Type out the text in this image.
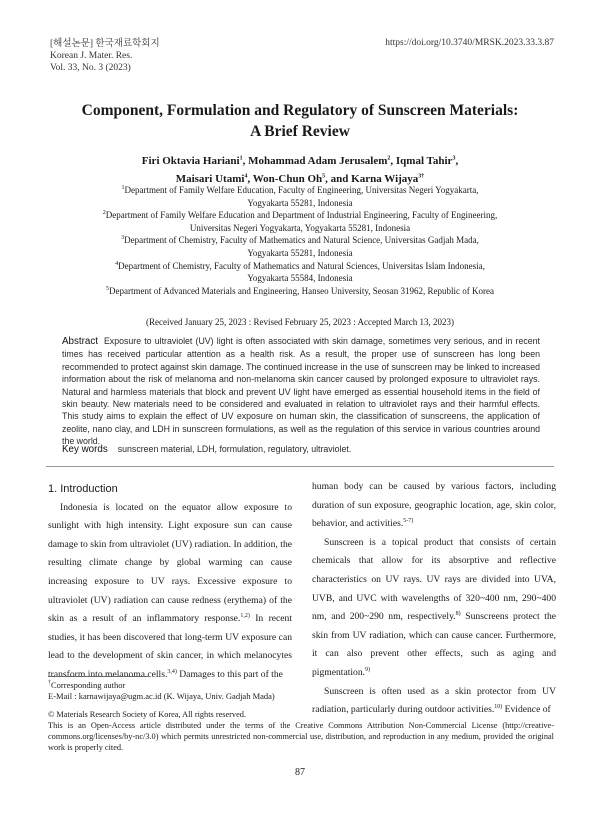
[해설논문] 한국재료학회지
Korean J. Mater. Res.
Vol. 33, No. 3 (2023)
https://doi.org/10.3740/MRSK.2023.33.3.87
Component, Formulation and Regulatory of Sunscreen Materials:
A Brief Review
Firi Oktavia Hariani$^1$, Mohammad Adam Jerusalem$^2$, Iqmal Tahir$^3$,
Maisari Utami$^4$, Won-Chun Oh$^5$, and Karna Wijaya$^{3\dagger}$
$^1$Department of Family Welfare Education, Faculty of Engineering, Universitas Negeri Yogyakarta,
Yogyakarta 55281, Indonesia
$^2$Department of Family Welfare Education and Department of Industrial Engineering, Faculty of Engineering,
Universitas Negeri Yogyakarta, Yogyakarta 55281, Indonesia
$^3$Department of Chemistry, Faculty of Mathematics and Natural Science, Universitas Gadjah Mada,
Yogyakarta 55281, Indonesia
$^4$Department of Chemistry, Faculty of Mathematics and Natural Sciences, Universitas Islam Indonesia,
Yogyakarta 55584, Indonesia
$^5$Department of Advanced Materials and Engineering, Hanseo University, Seosan 31962, Republic of Korea
(Received January 25, 2023 : Revised February 25, 2023 : Accepted March 13, 2023)
Abstract Exposure to ultraviolet (UV) light is often associated with skin damage, sometimes very serious, and in recent times has received particular attention as a health risk. As a result, the proper use of sunscreen has long been recommended to protect against skin damage. The continued increase in the use of sunscreen may be linked to increased information about the risk of melanoma and non-melanoma skin cancer caused by prolonged exposure to ultraviolet rays. Natural and harmless materials that block and prevent UV light have emerged as essential household items in the field of skin beauty. New materials need to be considered and evaluated in relation to ultraviolet rays and their harmful effects. This study aims to explain the effect of UV exposure on human skin, the classification of sunscreens, the application of zeolite, nano clay, and LDH in sunscreen formulations, as well as the regulation of this service in various countries around the world.
Key words sunscreen material, LDH, formulation, regulatory, ultraviolet.

1. Introduction

Indonesia is located on the equator allow exposure to sunlight with high intensity. Light exposure sun can cause damage to skin from ultraviolet (UV) radiation. In addition, the resulting climate change by global warming can cause increasing exposure to UV rays. Excessive exposure to ultraviolet (UV) radiation can cause redness (erythema) of the skin as a result of an inflammatory response.$^{1,2)}$ In recent studies, it has been discovered that long-term UV exposure can lead to the development of skin cancer, in which melanocytes transform into melanoma cells.$^{3,4)}$ Damages to this part of the

human body can be caused by various factors, including duration of sun exposure, geographic location, age, skin color, behavior, and activities.$^{5-7)}$

Sunscreen is a topical product that consists of certain chemicals that allow for its absorptive and reflective characteristics on UV rays. UV rays are divided into UVA, UVB, and UVC with wavelengths of 320~400 nm, 290~400 nm, and 200~290 nm, respectively.$^{8)}$ Sunscreens protect the skin from UV radiation, which can cause cancer. Furthermore, it can also prevent other effects, such as aging and pigmentation.$^{9)}$

Sunscreen is often used as a skin protector from UV radiation, particularly during outdoor activities.$^{10)}$ Evidence of

†Corresponding author
E-Mail : karnawijaya@ugm.ac.id (K. Wijaya, Univ. Gadjah Mada)
© Materials Research Society of Korea, All rights reserved.
This is an Open-Access article distributed under the terms of the Creative Commons Attribution Non-Commercial License (http://creative-commons.org/licenses/by-nc/3.0) which permits unrestricted non-commercial use, distribution, and reproduction in any medium, provided the original work is properly cited.
87
